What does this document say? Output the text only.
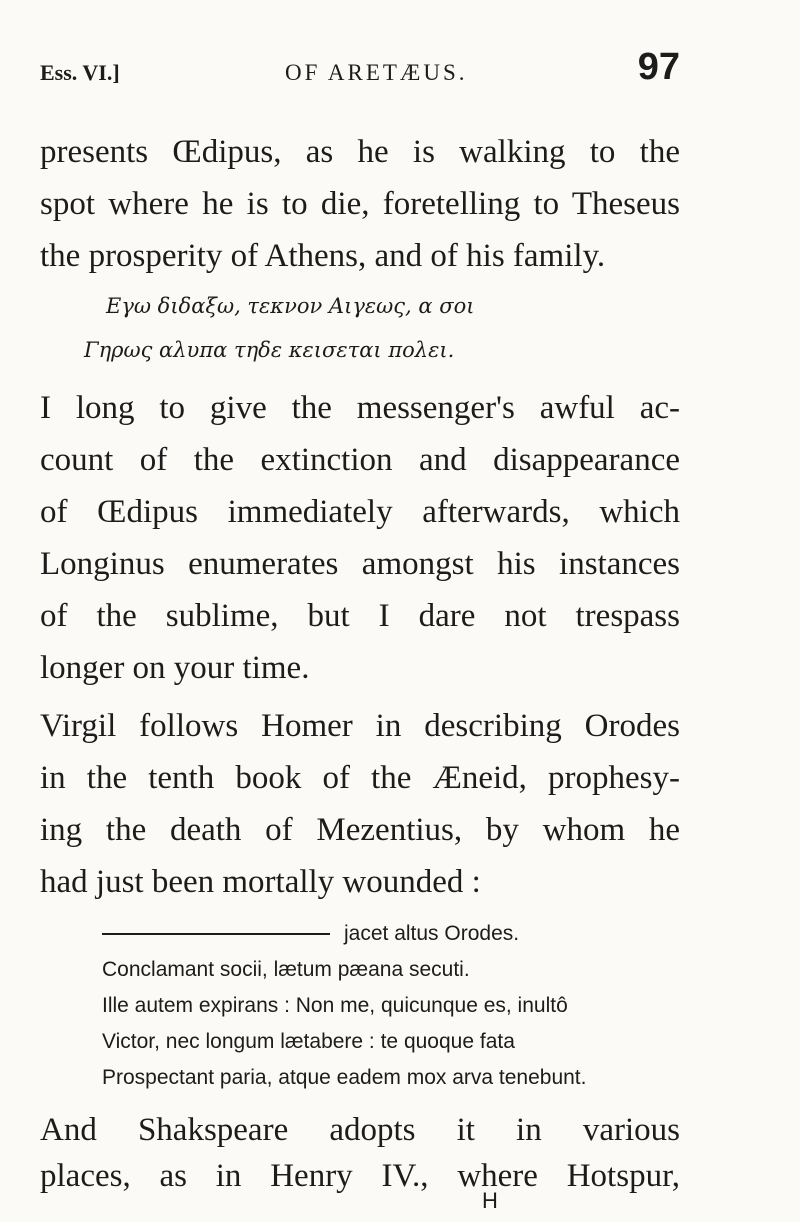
Ess. VI.]	OF ARETÆUS.	97
presents Œdipus, as he is walking to the
spot where he is to die, foretelling to Theseus
the prosperity of Athens, and of his family.
Εγω διδαξω, τεκνον Αιγεως, α σοι
Γηρως αλυπα τηδε κεισεται πολει.
I long to give the messenger's awful ac-
count of the extinction and disappearance
of Œdipus immediately afterwards, which
Longinus enumerates amongst his instances
of the sublime, but I dare not trespass
longer on your time.
Virgil follows Homer in describing Orodes
in the tenth book of the Æneid, prophesy-
ing the death of Mezentius, by whom he
had just been mortally wounded :
jacet altus Orodes.
Conclamant socii, lætum pæana secuti.
Ille autem expirans : Non me, quicunque es, inultô
Victor, nec longum lætabere : te quoque fata
Prospectant paria, atque eadem mox arva tenebunt.
And Shakspeare adopts it in various
places, as in Henry IV., where Hotspur,
H
